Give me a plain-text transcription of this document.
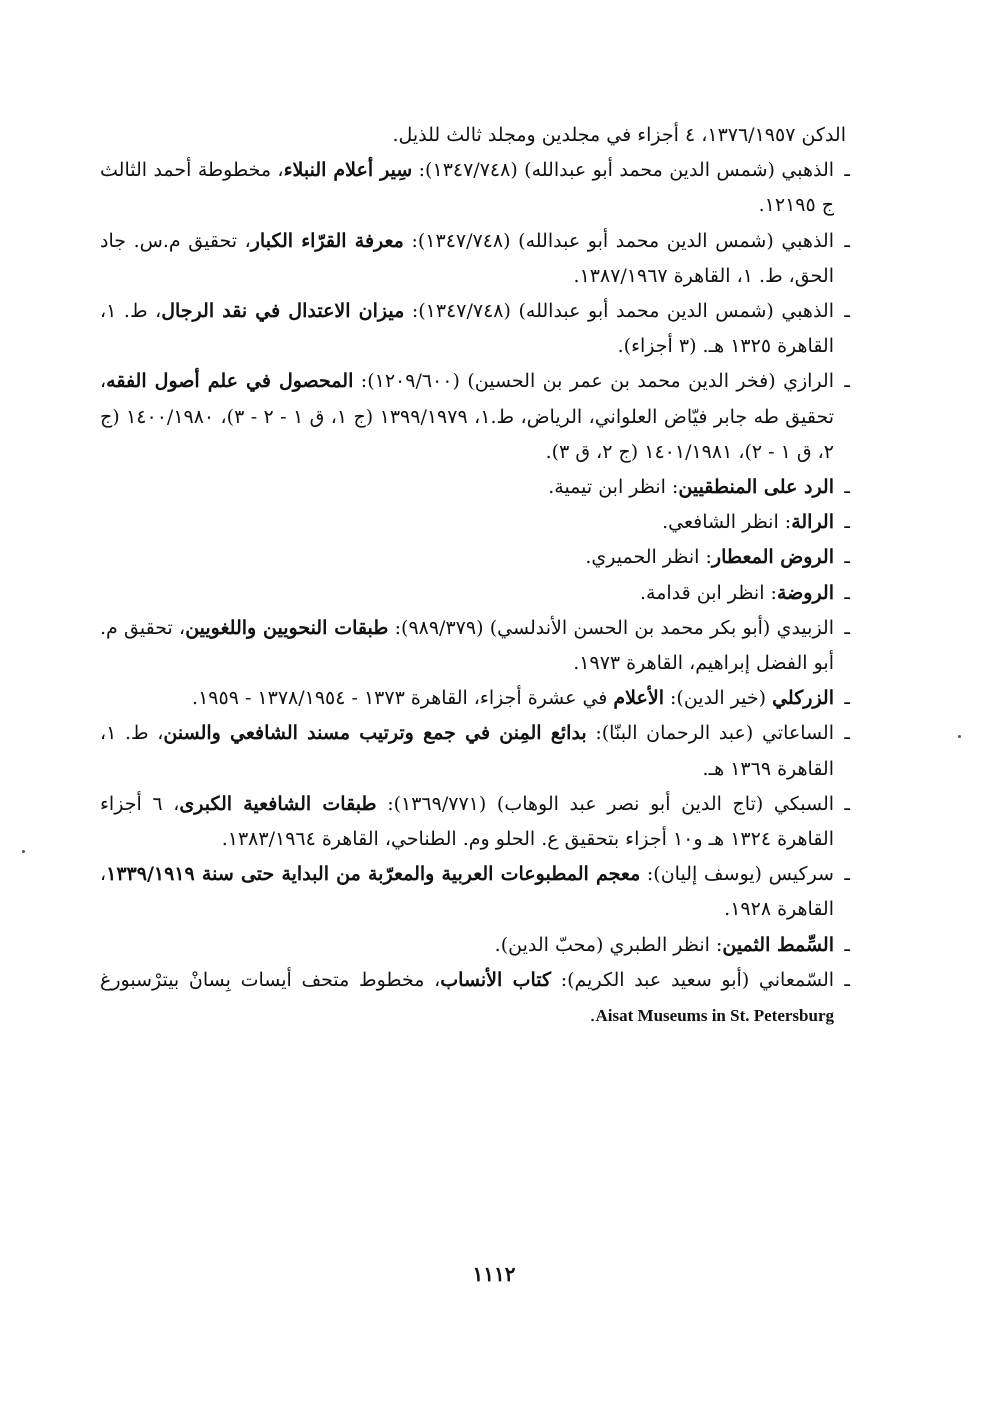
الدكن ١٣٧٦/١٩٥٧، ٤ أجزاء في مجلدين ومجلد ثالث للذيل.

ـ
الذهبي (شمس الدين محمد أبو عبدالله) (١٣٤٧/٧٤٨): سِير أعلام النبلاء، مخطوطة أحمد الثالث ج ١٢١٩٥.

ـ
الذهبي (شمس الدين محمد أبو عبدالله) (١٣٤٧/٧٤٨): معرفة القرّاء الكبار، تحقيق م.س. جاد الحق، ط. ١، القاهرة ١٣٨٧/١٩٦٧.

ـ
الذهبي (شمس الدين محمد أبو عبدالله) (١٣٤٧/٧٤٨): ميزان الاعتدال في نقد الرجال، ط. ١، القاهرة ١٣٢٥ هـ. (٣ أجزاء).

ـ
الرازي (فخر الدين محمد بن عمر بن الحسين) (١٢٠٩/٦٠٠): المحصول في علم أصول الفقه، تحقيق طه جابر فيّاض العلواني، الرياض، ط.١، ١٣٩٩/١٩٧٩ (ج ١، ق ١ - ٢ - ٣)، ١٤٠٠/١٩٨٠ (ج ٢، ق ١ - ٢)، ١٤٠١/١٩٨١ (ج ٢، ق ٣).

ـ
الرد على المنطقيين: انظر ابن تيمية.

ـ
الرالة: انظر الشافعي.

ـ
الروض المعطار: انظر الحميري.

ـ
الروضة: انظر ابن قدامة.

ـ
الزبيدي (أبو بكر محمد بن الحسن الأندلسي) (٩٨٩/٣٧٩): طبقات النحويين واللغويين، تحقيق م. أبو الفضل إبراهيم، القاهرة ١٩٧٣.

ـ
الزركلي (خير الدين): الأعلام في عشرة أجزاء، القاهرة ١٣٧٣ - ١٣٧٨/١٩٥٤ - ١٩٥٩.

ـ
الساعاتي (عبد الرحمان البنّا): بدائع المِنن في جمع وترتيب مسند الشافعي والسنن، ط. ١، القاهرة ١٣٦٩ هـ.

ـ
السبكي (تاج الدين أبو نصر عبد الوهاب) (١٣٦٩/٧٧١): طبقات الشافعية الكبرى، ٦ أجزاء القاهرة ١٣٢٤ هـ و١٠ أجزاء بتحقيق ع. الحلو وم. الطناحي، القاهرة ١٣٨٣/١٩٦٤.

ـ
سركيس (يوسف إليان): معجم المطبوعات العربية والمعرّبة من البداية حتى سنة ١٣٣٩/١٩١٩، القاهرة ١٩٢٨.

ـ
السِّمط الثمين: انظر الطبري (محبّ الدين).

ـ
السّمعاني (أبو سعيد عبد الكريم): كتاب الأنساب، مخطوط متحف أيسات بِسانْ بيترْسبورغ Aisat Museums in St. Petersburg.

١١١٢
